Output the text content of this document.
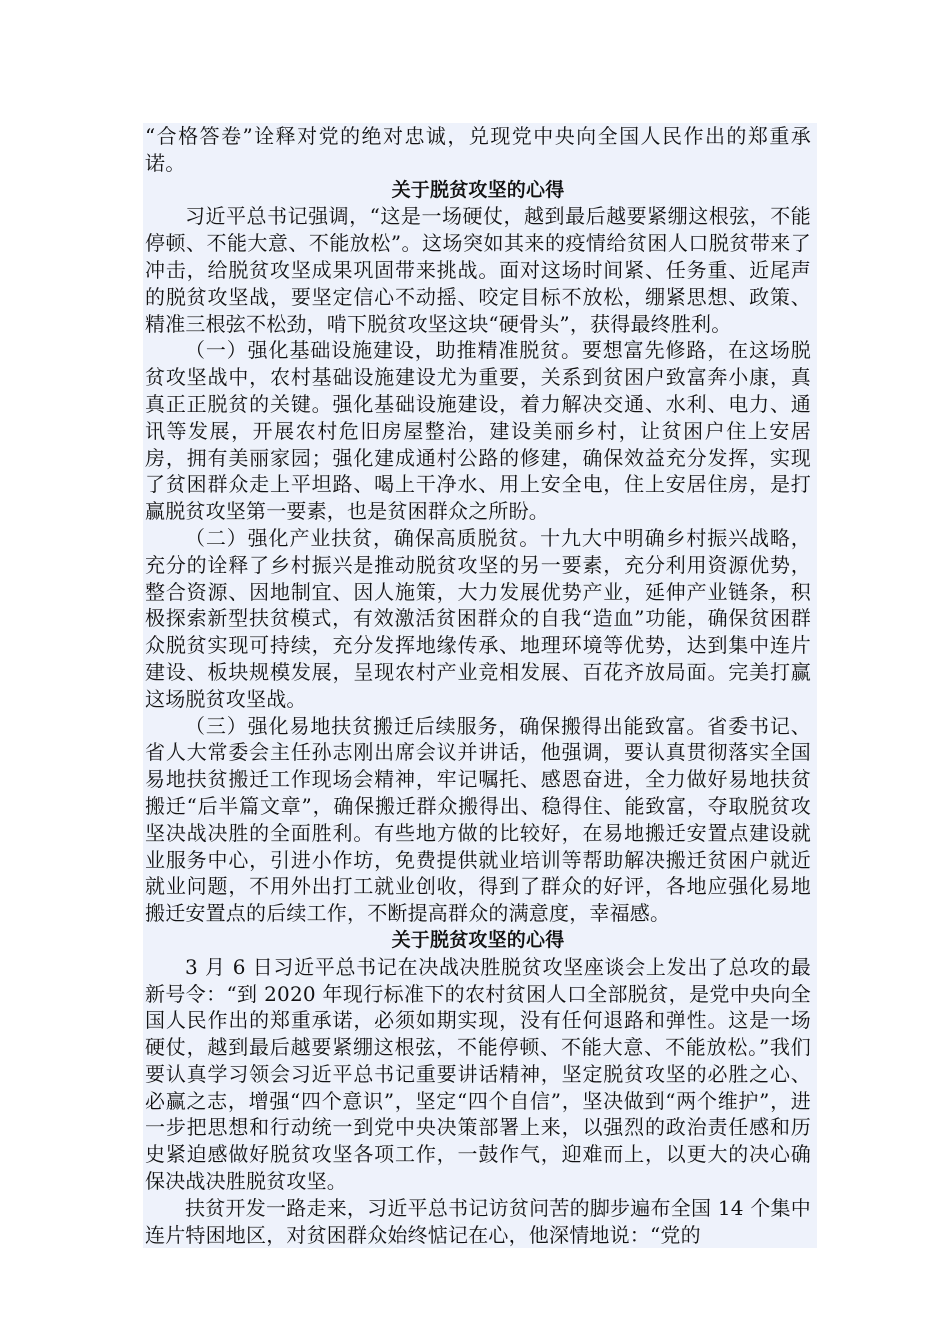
“合格答卷”诠释对党的绝对忠诚，兑现党中央向全国人民作出的郑重承诺。

关于脱贫攻坚的心得

习近平总书记强调，“这是一场硬仗，越到最后越要紧绷这根弦，不能停顿、不能大意、不能放松”。这场突如其来的疫情给贫困人口脱贫带来了冲击，给脱贫攻坚成果巩固带来挑战。面对这场时间紧、任务重、近尾声的脱贫攻坚战，要坚定信心不动摇、咬定目标不放松，绷紧思想、政策、精准三根弦不松劲，啃下脱贫攻坚这块“硬骨头”，获得最终胜利。

（一）强化基础设施建设，助推精准脱贫。要想富先修路，在这场脱贫攻坚战中，农村基础设施建设尤为重要，关系到贫困户致富奔小康，真真正正脱贫的关键。强化基础设施建设，着力解决交通、水利、电力、通讯等发展，开展农村危旧房屋整治，建设美丽乡村，让贫困户住上安居房，拥有美丽家园；强化建成通村公路的修建，确保效益充分发挥，实现了贫困群众走上平坦路、喝上干净水、用上安全电，住上安居住房，是打赢脱贫攻坚第一要素，也是贫困群众之所盼。

（二）强化产业扶贫，确保高质脱贫。十九大中明确乡村振兴战略，充分的诠释了乡村振兴是推动脱贫攻坚的另一要素，充分利用资源优势，整合资源、因地制宜、因人施策，大力发展优势产业，延伸产业链条，积极探索新型扶贫模式，有效激活贫困群众的自我“造血”功能，确保贫困群众脱贫实现可持续，充分发挥地缘传承、地理环境等优势，达到集中连片建设、板块规模发展，呈现农村产业竞相发展、百花齐放局面。完美打赢这场脱贫攻坚战。

（三）强化易地扶贫搬迁后续服务，确保搬得出能致富。省委书记、省人大常委会主任孙志刚出席会议并讲话，他强调，要认真贯彻落实全国易地扶贫搬迁工作现场会精神，牢记嘱托、感恩奋进，全力做好易地扶贫搬迁“后半篇文章”，确保搬迁群众搬得出、稳得住、能致富，夺取脱贫攻坚决战决胜的全面胜利。有些地方做的比较好，在易地搬迁安置点建设就业服务中心，引进小作坊，免费提供就业培训等帮助解决搬迁贫困户就近就业问题，不用外出打工就业创收，得到了群众的好评，各地应强化易地搬迁安置点的后续工作，不断提高群众的满意度，幸福感。

关于脱贫攻坚的心得

3 月 6 日习近平总书记在决战决胜脱贫攻坚座谈会上发出了总攻的最新号令：“到 2020 年现行标准下的农村贫困人口全部脱贫，是党中央向全国人民作出的郑重承诺，必须如期实现，没有任何退路和弹性。这是一场硬仗，越到最后越要紧绷这根弦，不能停顿、不能大意、不能放松。”我们要认真学习领会习近平总书记重要讲话精神，坚定脱贫攻坚的必胜之心、必赢之志，增强“四个意识”，坚定“四个自信”，坚决做到“两个维护”，进一步把思想和行动统一到党中央决策部署上来，以强烈的政治责任感和历史紧迫感做好脱贫攻坚各项工作，一鼓作气，迎难而上，以更大的决心确保决战决胜脱贫攻坚。

扶贫开发一路走来，习近平总书记访贫问苦的脚步遍布全国 14 个集中连片特困地区，对贫困群众始终惦记在心，他深情地说：“党的
